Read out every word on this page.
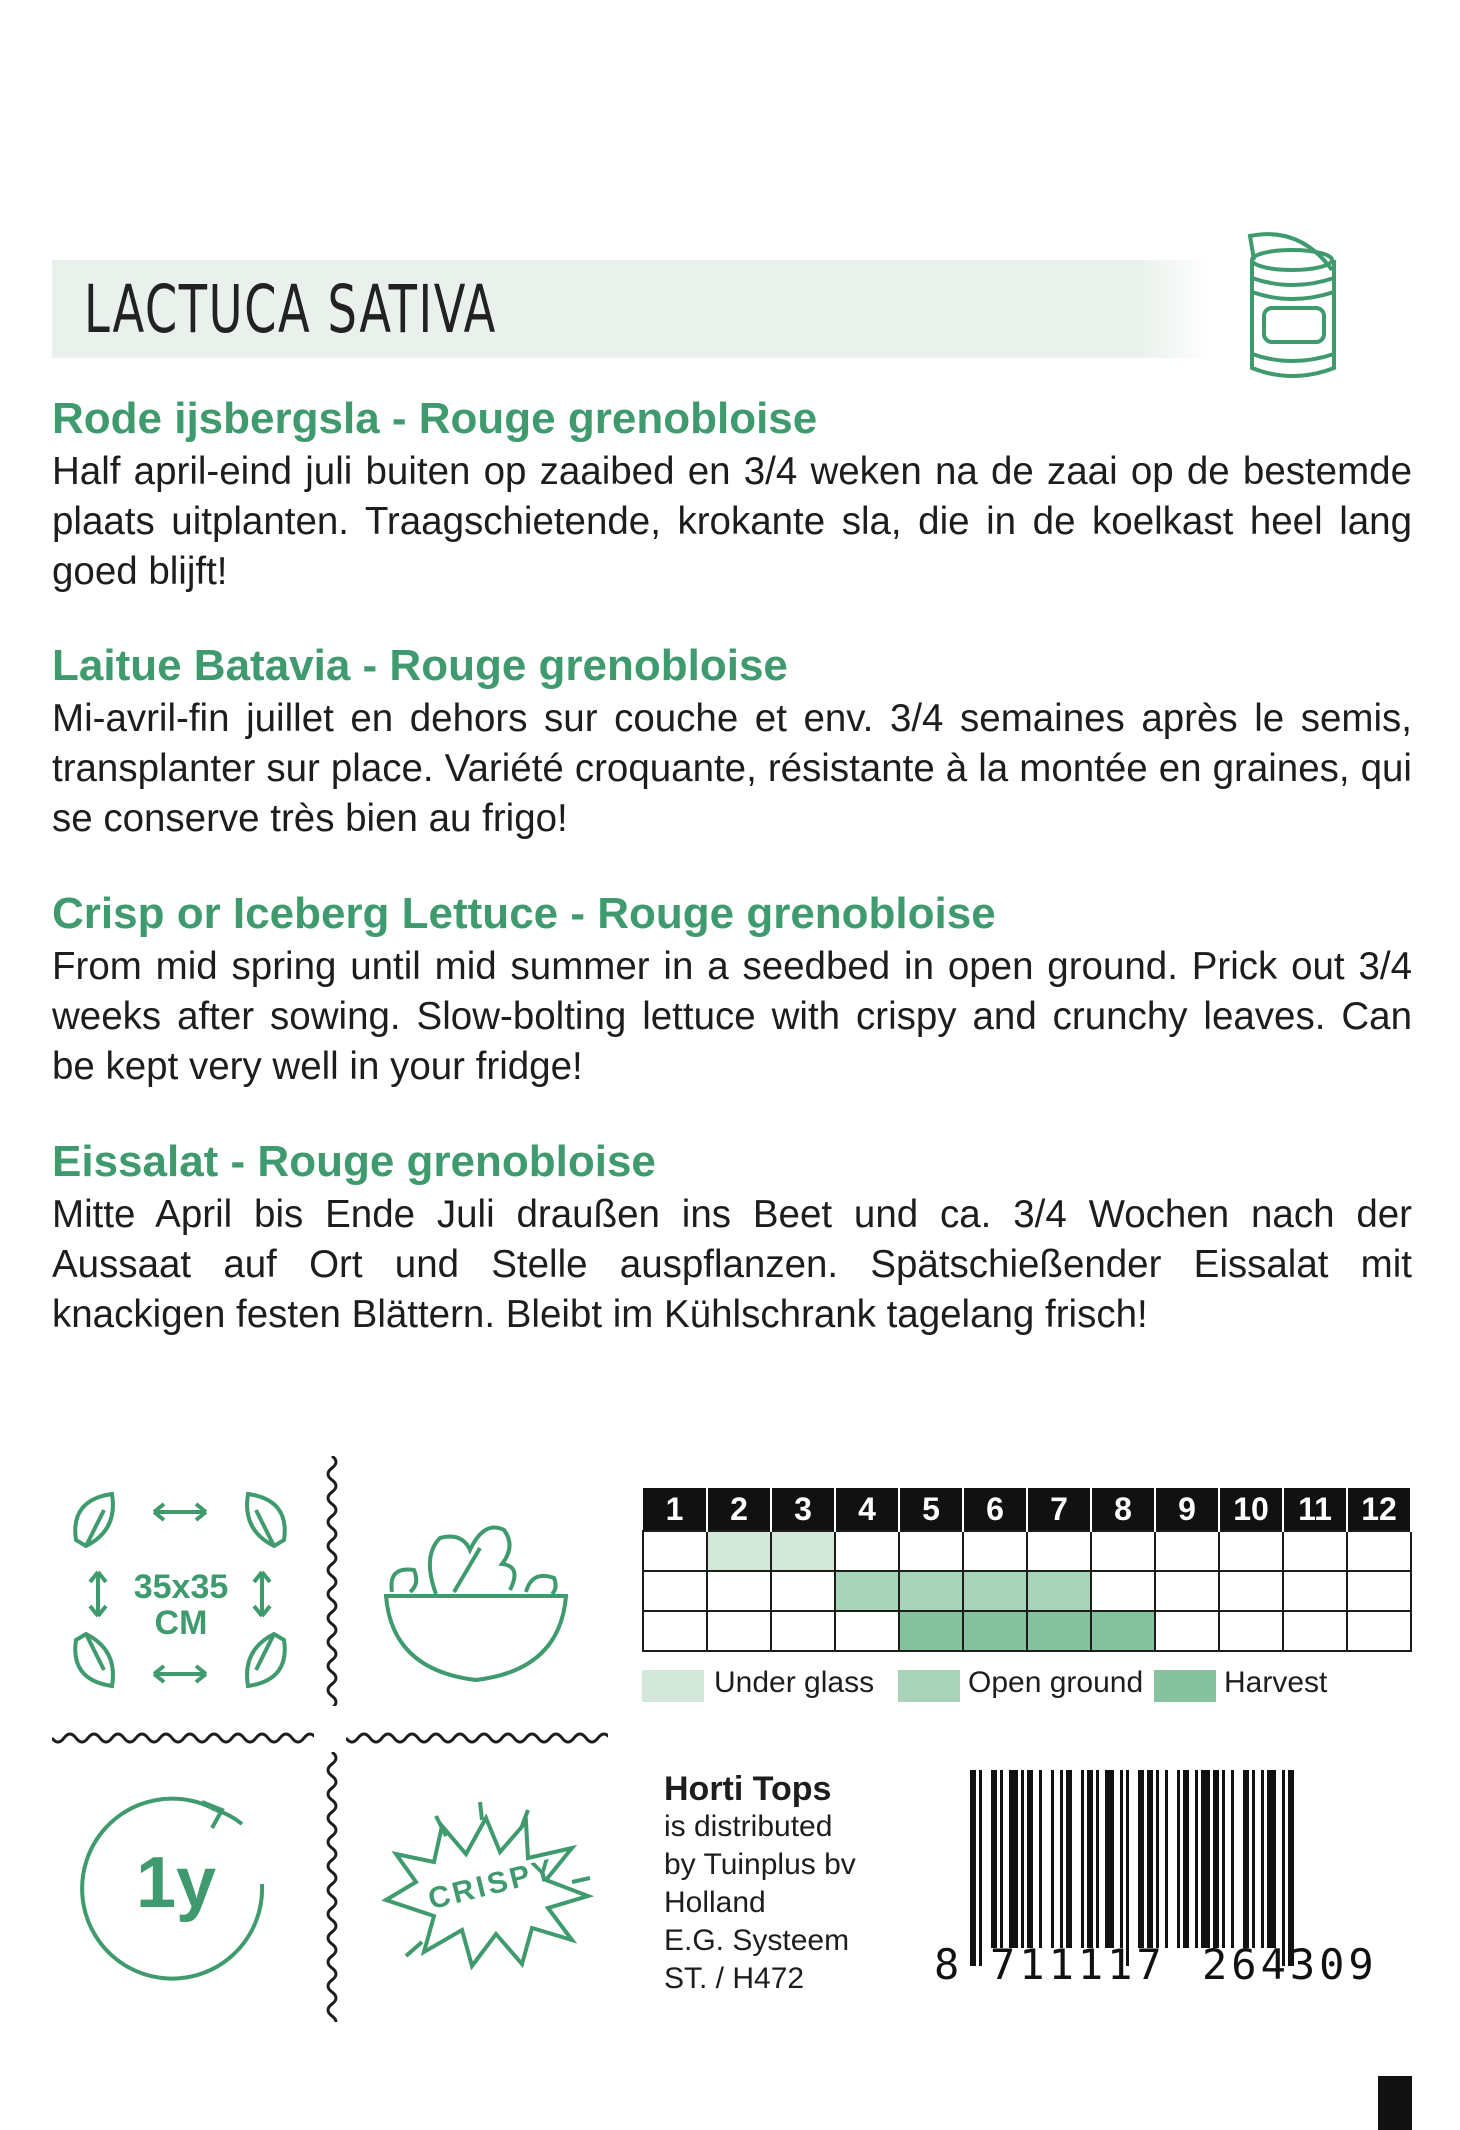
LACTUCA SATIVA
Rode ijsbergsla - Rouge grenobloise

Half april-eind juli buiten op zaaibed en 3/4 weken na de zaai op de bestemde plaats uitplanten. Traagschietende, krokante sla, die in de koelkast heel lang goed blijft!

Laitue Batavia - Rouge grenobloise

Mi-avril-fin juillet en dehors sur couche et env. 3/4 semaines après le semis, transplanter sur place. Variété croquante, résistante à la montée en graines, qui se conserve très bien au frigo!

Crisp or Iceberg Lettuce - Rouge grenobloise

From mid spring until mid summer in a seedbed in open ground. Prick out 3/4 weeks after sowing. Slow-bolting lettuce with crispy and crunchy leaves. Can be kept very well in your fridge!

Eissalat - Rouge grenobloise

Mitte April bis Ende Juli draußen ins Beet und ca. 3/4 Wochen nach der Aussaat auf Ort und Stelle auspflanzen. Spätschießender Eissalat mit knackigen festen Blättern. Bleibt im Kühlschrank tagelang frisch!

35x35
CM
1y	CRISPY
1	2	3	4	5	6	7	8	9	10	11	12

Under glass	Open ground	Harvest
Horti Tops
is distributed
by Tuinplus bv
Holland
E.G. Systeem
ST. / H472	8 711117 264309
